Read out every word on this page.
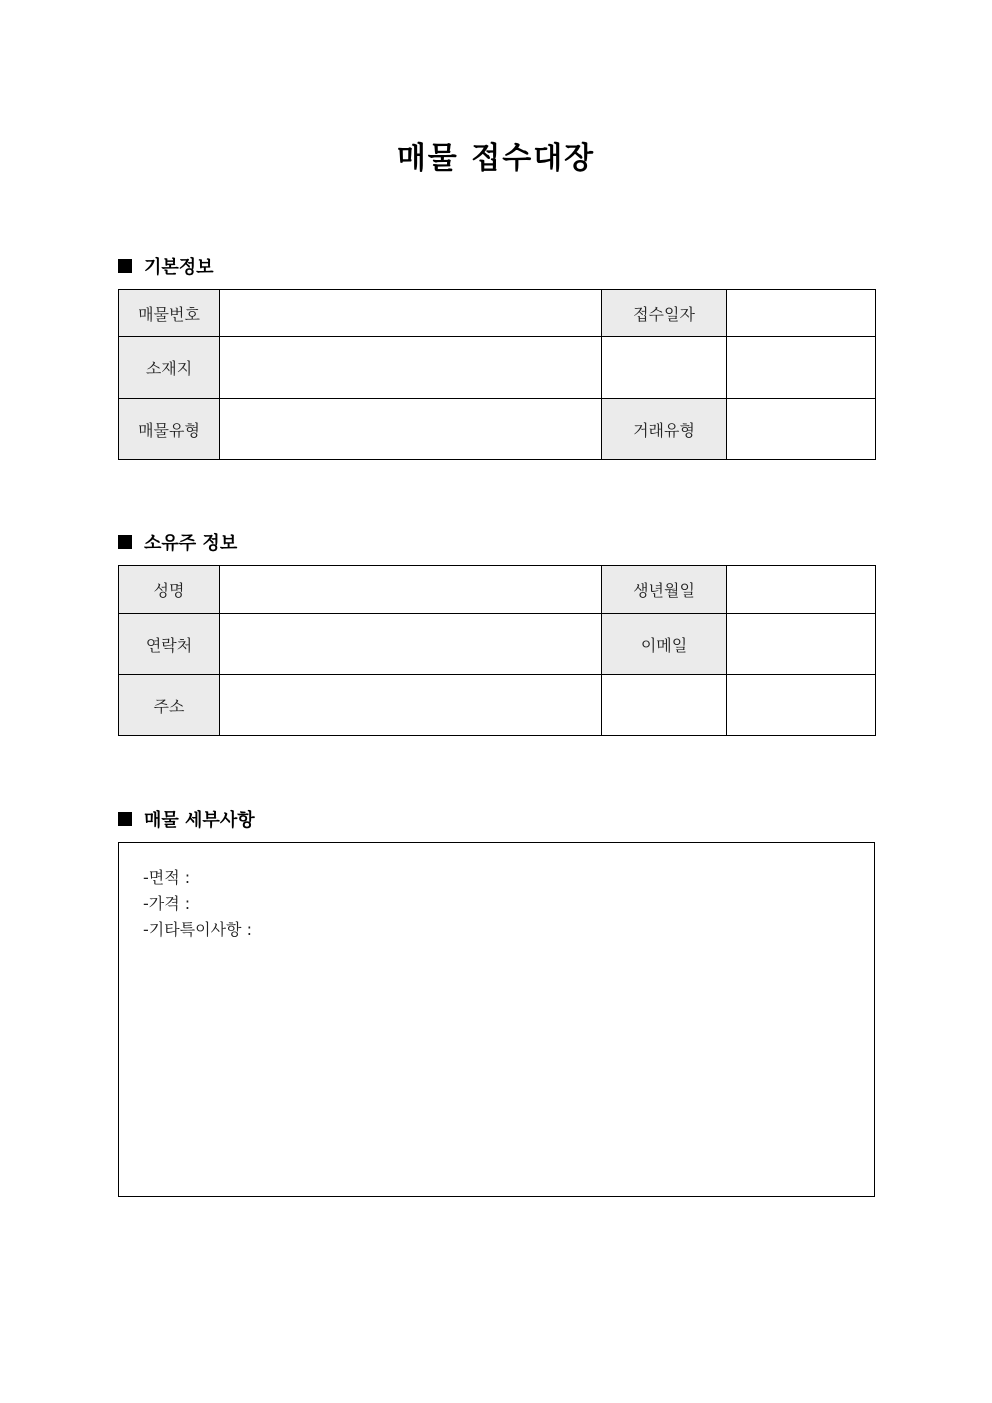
매물 접수대장
기본정보
매물번호		접수일자	
소재지			
매물유형		거래유형	
소유주 정보
성명		생년월일	
연락처		이메일	
주소			
매물 세부사항
-면적 :
-가격 :
-기타특이사항 :
